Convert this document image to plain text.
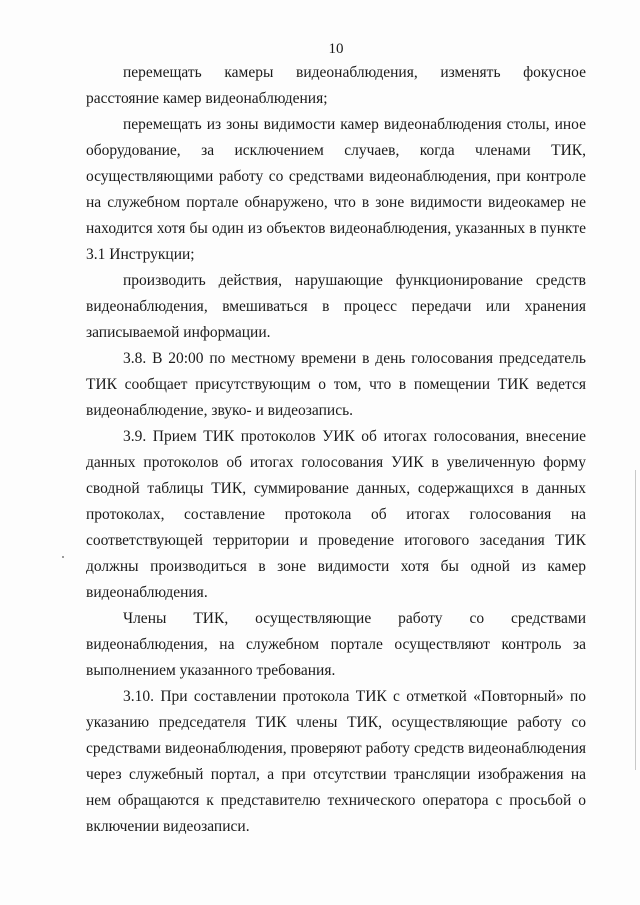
10

перемещать камеры видеонаблюдения, изменять фокусное расстояние камер видеонаблюдения;

перемещать из зоны видимости камер видеонаблюдения столы, иное оборудование, за исключением случаев, когда членами ТИК, осуществляющими работу со средствами видеонаблюдения, при контроле на служебном портале обнаружено, что в зоне видимости видеокамер не находится хотя бы один из объектов видеонаблюдения, указанных в пункте 3.1 Инструкции;

производить действия, нарушающие функционирование средств видеонаблюдения, вмешиваться в процесс передачи или хранения записываемой информации.

3.8. В 20:00 по местному времени в день голосования председатель ТИК сообщает присутствующим о том, что в помещении ТИК ведется видеонаблюдение, звуко- и видеозапись.

3.9. Прием ТИК протоколов УИК об итогах голосования, внесение данных протоколов об итогах голосования УИК в увеличенную форму сводной таблицы ТИК, суммирование данных, содержащихся в данных протоколах, составление протокола об итогах голосования на соответствующей территории и проведение итогового заседания ТИК должны производиться в зоне видимости хотя бы одной из камер видеонаблюдения.

Члены ТИК, осуществляющие работу со средствами видеонаблюдения, на служебном портале осуществляют контроль за выполнением указанного требования.

3.10. При составлении протокола ТИК с отметкой «Повторный» по указанию председателя ТИК члены ТИК, осуществляющие работу со средствами видеонаблюдения, проверяют работу средств видеонаблюдения через служебный портал, а при отсутствии трансляции изображения на нем обращаются к представителю технического оператора с просьбой о включении видеозаписи.
